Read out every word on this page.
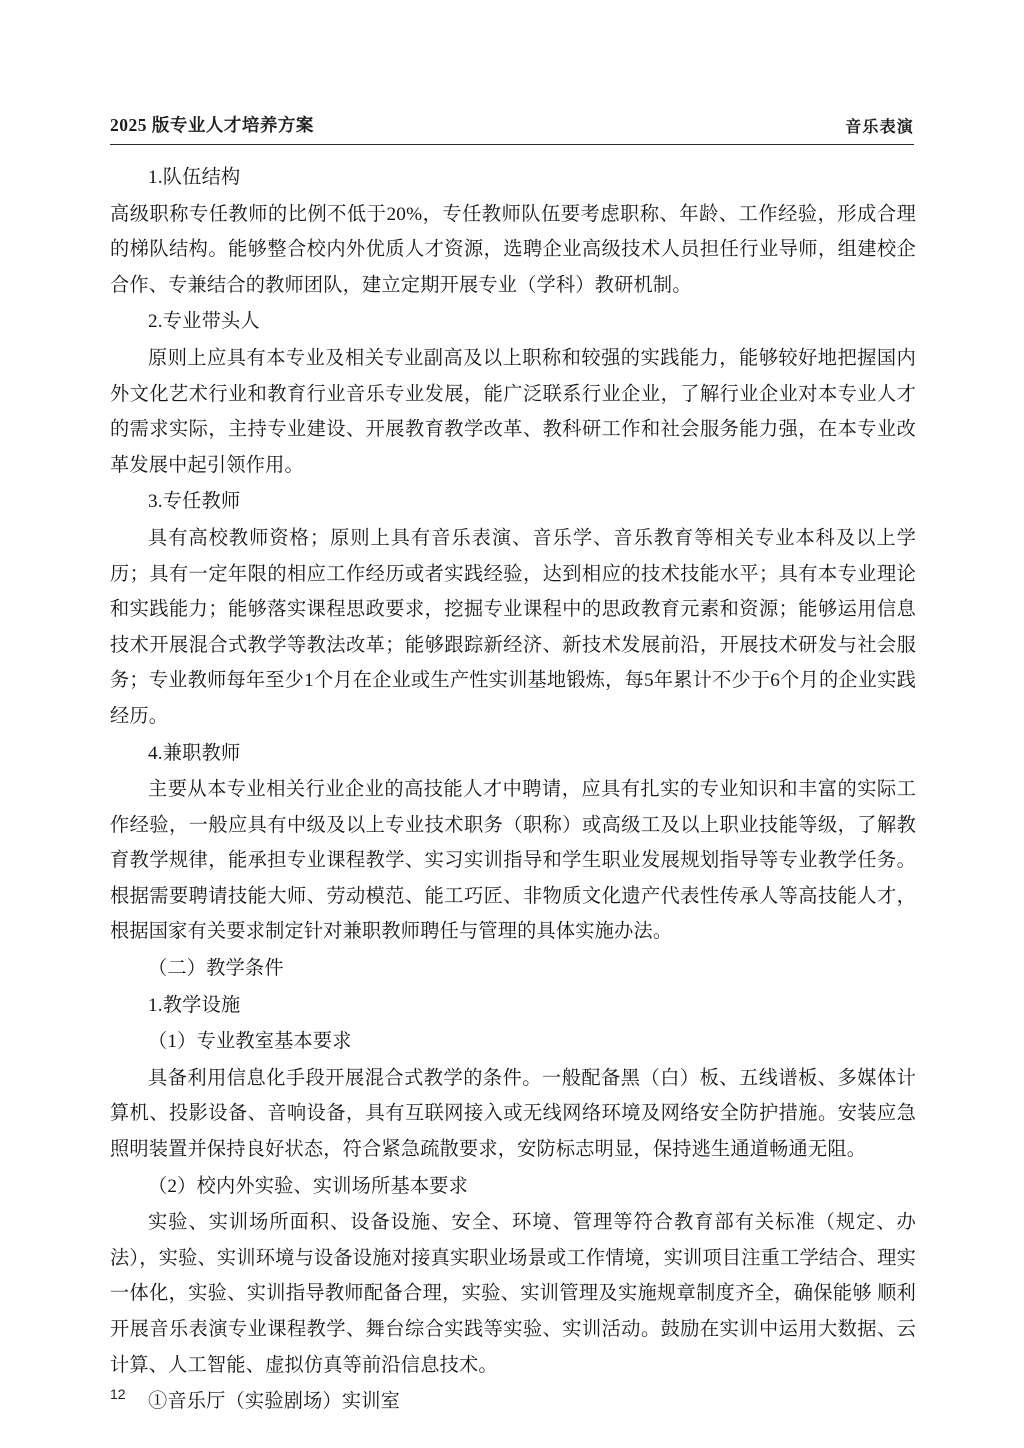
2025 版专业人才培养方案	音乐表演

1.队伍结构

高级职称专任教师的比例不低于20%，专任教师队伍要考虑职称、年龄、工作经验，形成合理的梯队结构。能够整合校内外优质人才资源，选聘企业高级技术人员担任行业导师，组建校企合作、专兼结合的教师团队，建立定期开展专业（学科）教研机制。

2.专业带头人

原则上应具有本专业及相关专业副高及以上职称和较强的实践能力，能够较好地把握国内外文化艺术行业和教育行业音乐专业发展，能广泛联系行业企业，了解行业企业对本专业人才的需求实际，主持专业建设、开展教育教学改革、教科研工作和社会服务能力强，在本专业改革发展中起引领作用。

3.专任教师

具有高校教师资格；原则上具有音乐表演、音乐学、音乐教育等相关专业本科及以上学历；具有一定年限的相应工作经历或者实践经验，达到相应的技术技能水平；具有本专业理论和实践能力；能够落实课程思政要求，挖掘专业课程中的思政教育元素和资源；能够运用信息技术开展混合式教学等教法改革；能够跟踪新经济、新技术发展前沿，开展技术研发与社会服务；专业教师每年至少1个月在企业或生产性实训基地锻炼，每5年累计不少于6个月的企业实践经历。

4.兼职教师

主要从本专业相关行业企业的高技能人才中聘请，应具有扎实的专业知识和丰富的实际工作经验，一般应具有中级及以上专业技术职务（职称）或高级工及以上职业技能等级，了解教育教学规律，能承担专业课程教学、实习实训指导和学生职业发展规划指导等专业教学任务。根据需要聘请技能大师、劳动模范、能工巧匠、非物质文化遗产代表性传承人等高技能人才，根据国家有关要求制定针对兼职教师聘任与管理的具体实施办法。

（二）教学条件

1.教学设施

（1）专业教室基本要求

具备利用信息化手段开展混合式教学的条件。一般配备黑（白）板、五线谱板、多媒体计算机、投影设备、音响设备，具有互联网接入或无线网络环境及网络安全防护措施。安装应急照明装置并保持良好状态，符合紧急疏散要求，安防标志明显，保持逃生通道畅通无阻。

（2）校内外实验、实训场所基本要求

实验、实训场所面积、设备设施、安全、环境、管理等符合教育部有关标准（规定、办法），实验、实训环境与设备设施对接真实职业场景或工作情境，实训项目注重工学结合、理实一体化，实验、实训指导教师配备合理，实验、实训管理及实施规章制度齐全，确保能够 顺利开展音乐表演专业课程教学、舞台综合实践等实验、实训活动。鼓励在实训中运用大数据、云计算、人工智能、虚拟仿真等前沿信息技术。

①音乐厅（实验剧场）实训室

12
